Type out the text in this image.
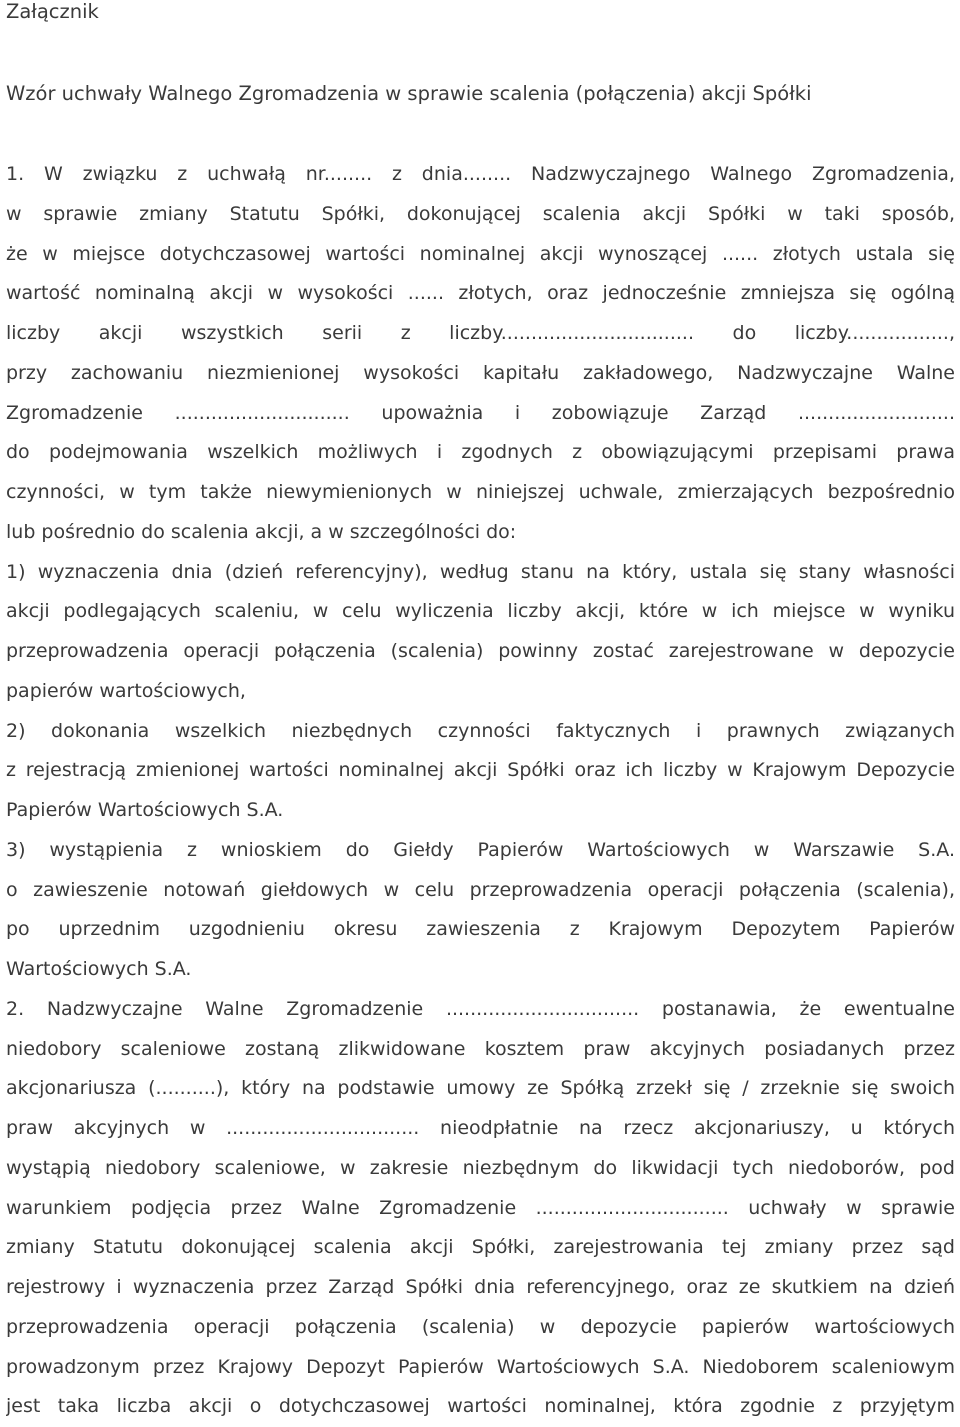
Załącznik
Wzór uchwały Walnego Zgromadzenia w sprawie scalenia (połączenia) akcji Spółki
1. W związku z uchwałą nr........ z dnia........ Nadzwyczajnego Walnego Zgromadzenia,
w sprawie zmiany Statutu Spółki, dokonującej scalenia akcji Spółki w taki sposób,
że w miejsce dotychczasowej wartości nominalnej akcji wynoszącej ...... złotych ustala się
wartość nominalną akcji w wysokości ...... złotych, oraz jednocześnie zmniejsza się ogólną
liczby akcji wszystkich serii z liczby................................ do liczby.................,
przy zachowaniu niezmienionej wysokości kapitału zakładowego, Nadzwyczajne Walne
Zgromadzenie ............................. upoważnia i zobowiązuje Zarząd ..........................
do podejmowania wszelkich możliwych i zgodnych z obowiązującymi przepisami prawa
czynności, w tym także niewymienionych w niniejszej uchwale, zmierzających bezpośrednio
lub pośrednio do scalenia akcji, a w szczególności do:
1) wyznaczenia dnia (dzień referencyjny), według stanu na który, ustala się stany własności
akcji podlegających scaleniu, w celu wyliczenia liczby akcji, które w ich miejsce w wyniku
przeprowadzenia operacji połączenia (scalenia) powinny zostać zarejestrowane w depozycie
papierów wartościowych,
2) dokonania wszelkich niezbędnych czynności faktycznych i prawnych związanych
z rejestracją zmienionej wartości nominalnej akcji Spółki oraz ich liczby w Krajowym Depozycie
Papierów Wartościowych S.A.
3) wystąpienia z wnioskiem do Giełdy Papierów Wartościowych w Warszawie S.A.
o zawieszenie notowań giełdowych w celu przeprowadzenia operacji połączenia (scalenia),
po uprzednim uzgodnieniu okresu zawieszenia z Krajowym Depozytem Papierów
Wartościowych S.A.
2. Nadzwyczajne Walne Zgromadzenie ................................ postanawia, że ewentualne
niedobory scaleniowe zostaną zlikwidowane kosztem praw akcyjnych posiadanych przez
akcjonariusza (..........), który na podstawie umowy ze Spółką zrzekł się / zrzeknie się swoich
praw akcyjnych w ................................ nieodpłatnie na rzecz akcjonariuszy, u których
wystąpią niedobory scaleniowe, w zakresie niezbędnym do likwidacji tych niedoborów, pod
warunkiem podjęcia przez Walne Zgromadzenie ................................ uchwały w sprawie
zmiany Statutu dokonującej scalenia akcji Spółki, zarejestrowania tej zmiany przez sąd
rejestrowy i wyznaczenia przez Zarząd Spółki dnia referencyjnego, oraz ze skutkiem na dzień
przeprowadzenia operacji połączenia (scalenia) w depozycie papierów wartościowych
prowadzonym przez Krajowy Depozyt Papierów Wartościowych S.A. Niedoborem scaleniowym
jest taka liczba akcji o dotychczasowej wartości nominalnej, która zgodnie z przyjętym
